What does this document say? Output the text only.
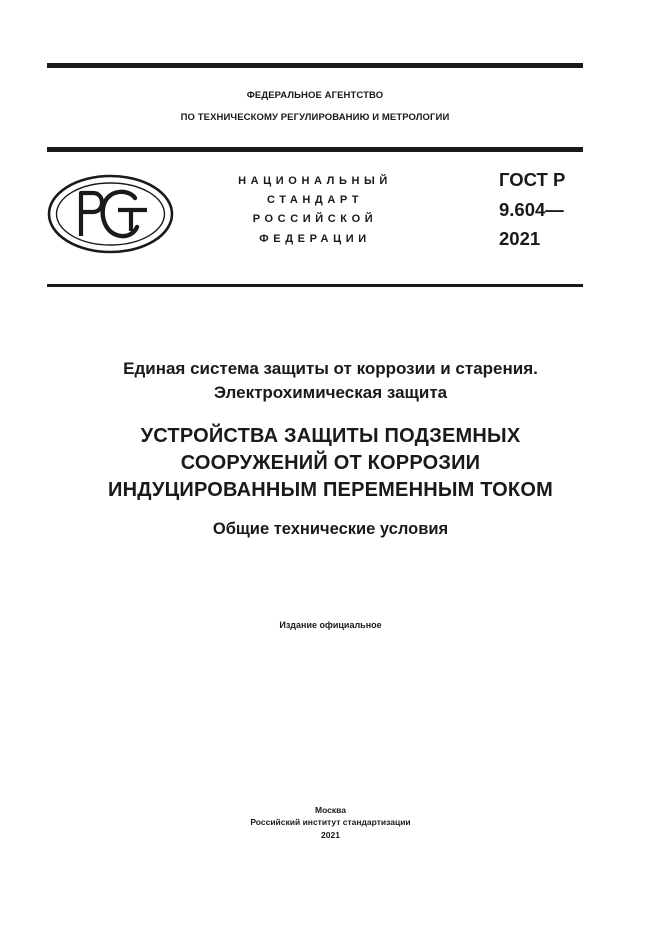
ФЕДЕРАЛЬНОЕ АГЕНТСТВО
ПО ТЕХНИЧЕСКОМУ РЕГУЛИРОВАНИЮ И МЕТРОЛОГИИ
НАЦИОНАЛЬНЫЙ
СТАНДАРТ
РОССИЙСКОЙ
ФЕДЕРАЦИИ
ГОСТ Р
9.604—
2021
Единая система защиты от коррозии и старения.
Электрохимическая защита
УСТРОЙСТВА ЗАЩИТЫ ПОДЗЕМНЫХ
СООРУЖЕНИЙ ОТ КОРРОЗИИ
ИНДУЦИРОВАННЫМ ПЕРЕМЕННЫМ ТОКОМ
Общие технические условия
Издание официальное
Москва
Российский институт стандартизации
2021
